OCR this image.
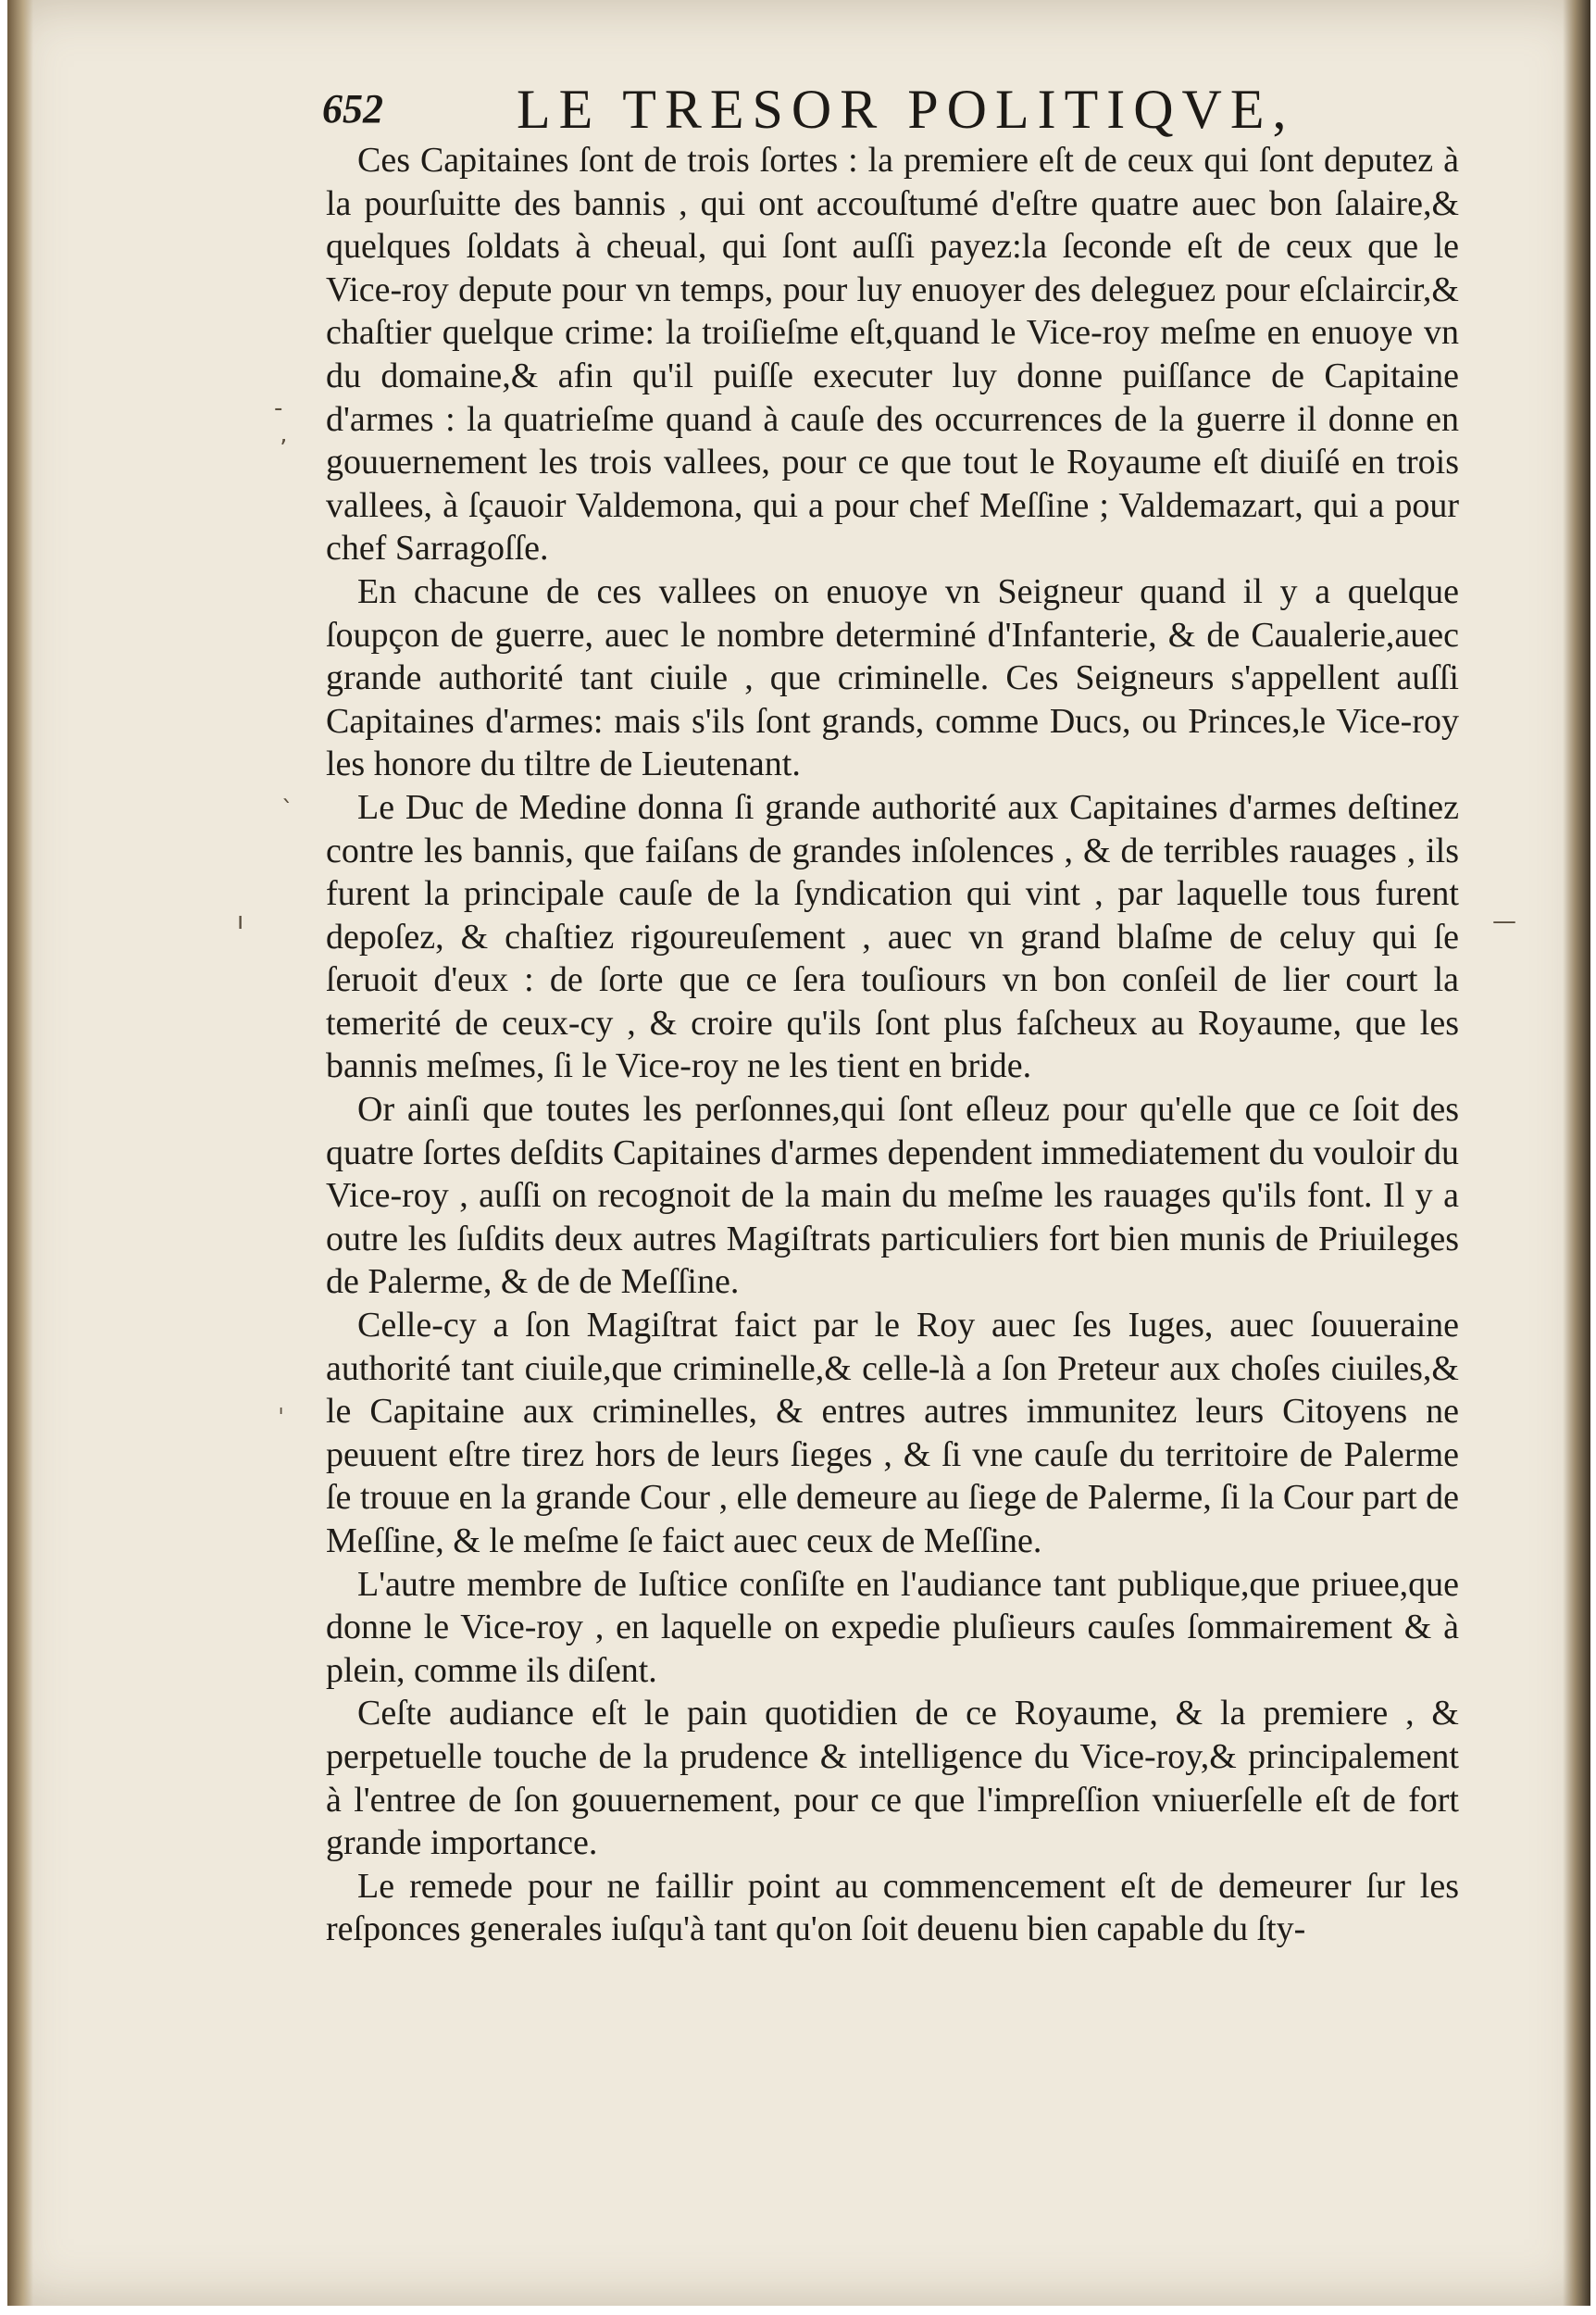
652 LE TRESOR POLITIQVE,
-
ʼ
ˎ
ı	—
ˌ

Ces Capitaines ſont de trois ſortes : la premiere eſt de ceux qui ſont deputez à la pourſuitte des bannis , qui ont accouſtumé d'eſtre quatre auec bon ſalaire,& quelques ſoldats à cheual, qui ſont auſſi payez:la ſeconde eſt de ceux que le Vice-roy depute pour vn temps, pour luy enuoyer des deleguez pour eſclaircir,& chaſtier quelque crime: la troiſieſme eſt,quand le Vice-roy meſme en enuoye vn du domaine,& afin qu'il puiſſe executer luy donne puiſſance de Capitaine d'armes : la quatrieſme quand à cauſe des occurrences de la guerre il donne en gouuernement les trois vallees, pour ce que tout le Royaume eſt diuiſé en trois vallees, à ſçauoir Valdemona, qui a pour chef Meſſine ; Valdemazart, qui a pour chef Sarragoſſe.

En chacune de ces vallees on enuoye vn Seigneur quand il y a quelque ſoupçon de guerre, auec le nombre determiné d'Infanterie, & de Caualerie,auec grande authorité tant ciuile , que criminelle. Ces Seigneurs s'appellent auſſi Capitaines d'armes: mais s'ils ſont grands, comme Ducs, ou Princes,le Vice-roy les honore du tiltre de Lieutenant.

Le Duc de Medine donna ſi grande authorité aux Capitaines d'armes deſtinez contre les bannis, que faiſans de grandes inſolences , & de terribles rauages , ils furent la principale cauſe de la ſyndication qui vint , par laquelle tous furent depoſez, & chaſtiez rigoureuſement , auec vn grand blaſme de celuy qui ſe ſeruoit d'eux : de ſorte que ce ſera touſiours vn bon conſeil de lier court la temerité de ceux-cy , & croire qu'ils ſont plus faſcheux au Royaume, que les bannis meſmes, ſi le Vice-roy ne les tient en bride.

Or ainſi que toutes les perſonnes,qui ſont eſleuz pour qu'elle que ce ſoit des quatre ſortes deſdits Capitaines d'armes dependent immediatement du vouloir du Vice-roy , auſſi on recognoit de la main du meſme les rauages qu'ils font. Il y a outre les ſuſdits deux autres Magiſtrats particuliers fort bien munis de Priuileges de Palerme, & de de Meſſine.

Celle-cy a ſon Magiſtrat faict par le Roy auec ſes Iuges, auec ſouueraine authorité tant ciuile,que criminelle,& celle-là a ſon Preteur aux choſes ciuiles,& le Capitaine aux criminelles, & entres autres immunitez leurs Citoyens ne peuuent eſtre tirez hors de leurs ſieges , & ſi vne cauſe du territoire de Palerme ſe trouue en la grande Cour , elle demeure au ſiege de Palerme, ſi la Cour part de Meſſine, & le meſme ſe faict auec ceux de Meſſine.

L'autre membre de Iuſtice conſiſte en l'audiance tant publique,que priuee,que donne le Vice-roy , en laquelle on expedie pluſieurs cauſes ſommairement & à plein, comme ils diſent.

Ceſte audiance eſt le pain quotidien de ce Royaume, & la premiere , & perpetuelle touche de la prudence & intelligence du Vice-roy,& principalement à l'entree de ſon gouuernement, pour ce que l'impreſſion vniuerſelle eſt de fort grande importance.

Le remede pour ne faillir point au commencement eſt de demeurer ſur les reſponces generales iuſqu'à tant qu'on ſoit deuenu bien capable du ſty-
